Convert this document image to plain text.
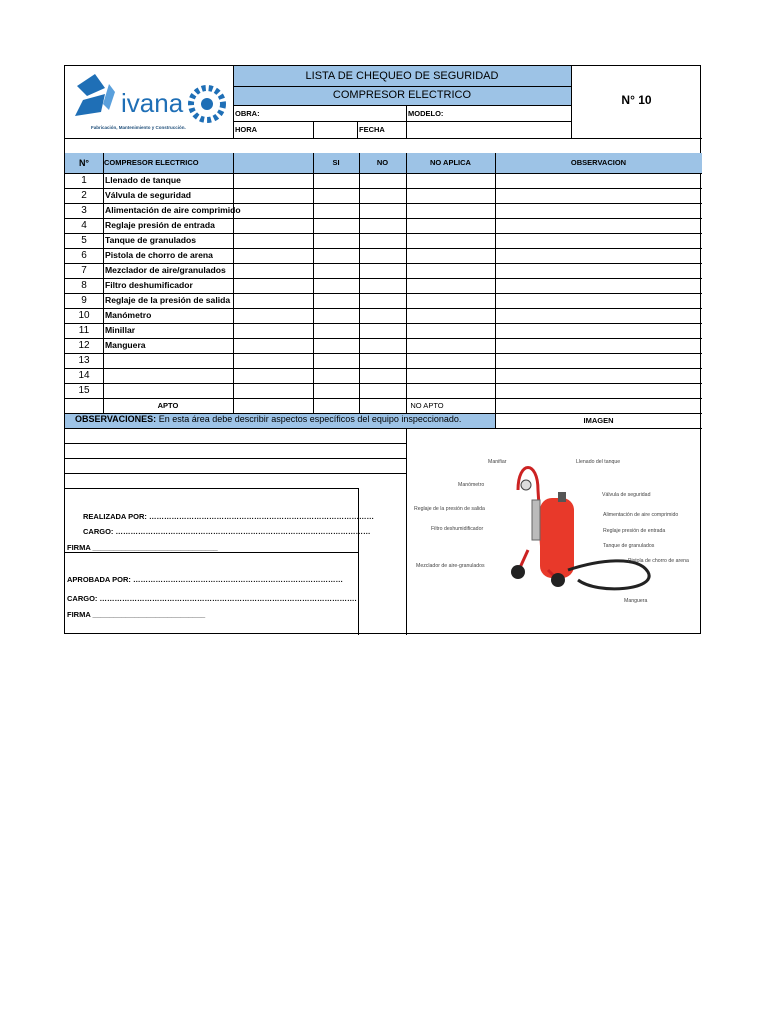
ivana
Fabricación, Mantenimiento y Construcción.
LISTA DE CHEQUEO DE SEGURIDAD
COMPRESOR ELECTRICO	N° 10
OBRA:	MODELO:
HORA	FECHA
N°	COMPRESOR ELECTRICO	SI	NO	NO APLICA	OBSERVACION
1	Llenado de tanque
2	Válvula de seguridad
3	Alimentación de aire comprimido
4	Reglaje presión de entrada
5	Tanque de granulados
6	Pistola de chorro de arena
7	Mezclador de aire/granulados
8	Filtro deshumificador
9	Reglaje de la presión de salida
10	Manómetro
11	Minillar
12	Manguera
13
14
15
APTO	NO APTO
OBSERVACIONES: En esta área debe describir aspectos específicos del equipo inspeccionado.	IMAGEN
REALIZADA POR: ………………………………………………………………………………
CARGO: …………………………………………………………………………………………
FIRMA ______________________________
APROBADA POR: …………………………………………………………………………
CARGO: ………………………………………………………………………………………….
FIRMA ___________________________
Manifiar	Llenado del tanque
Manómetro
Válvula de seguridad
Reglaje de la presión de salida
Alimentación de aire comprimido
Filtro deshumidificador	Reglaje presión de entrada
Tanque de granulados
Pistola de chorro de arena
Mezclador de aire-granulados
Manguera
